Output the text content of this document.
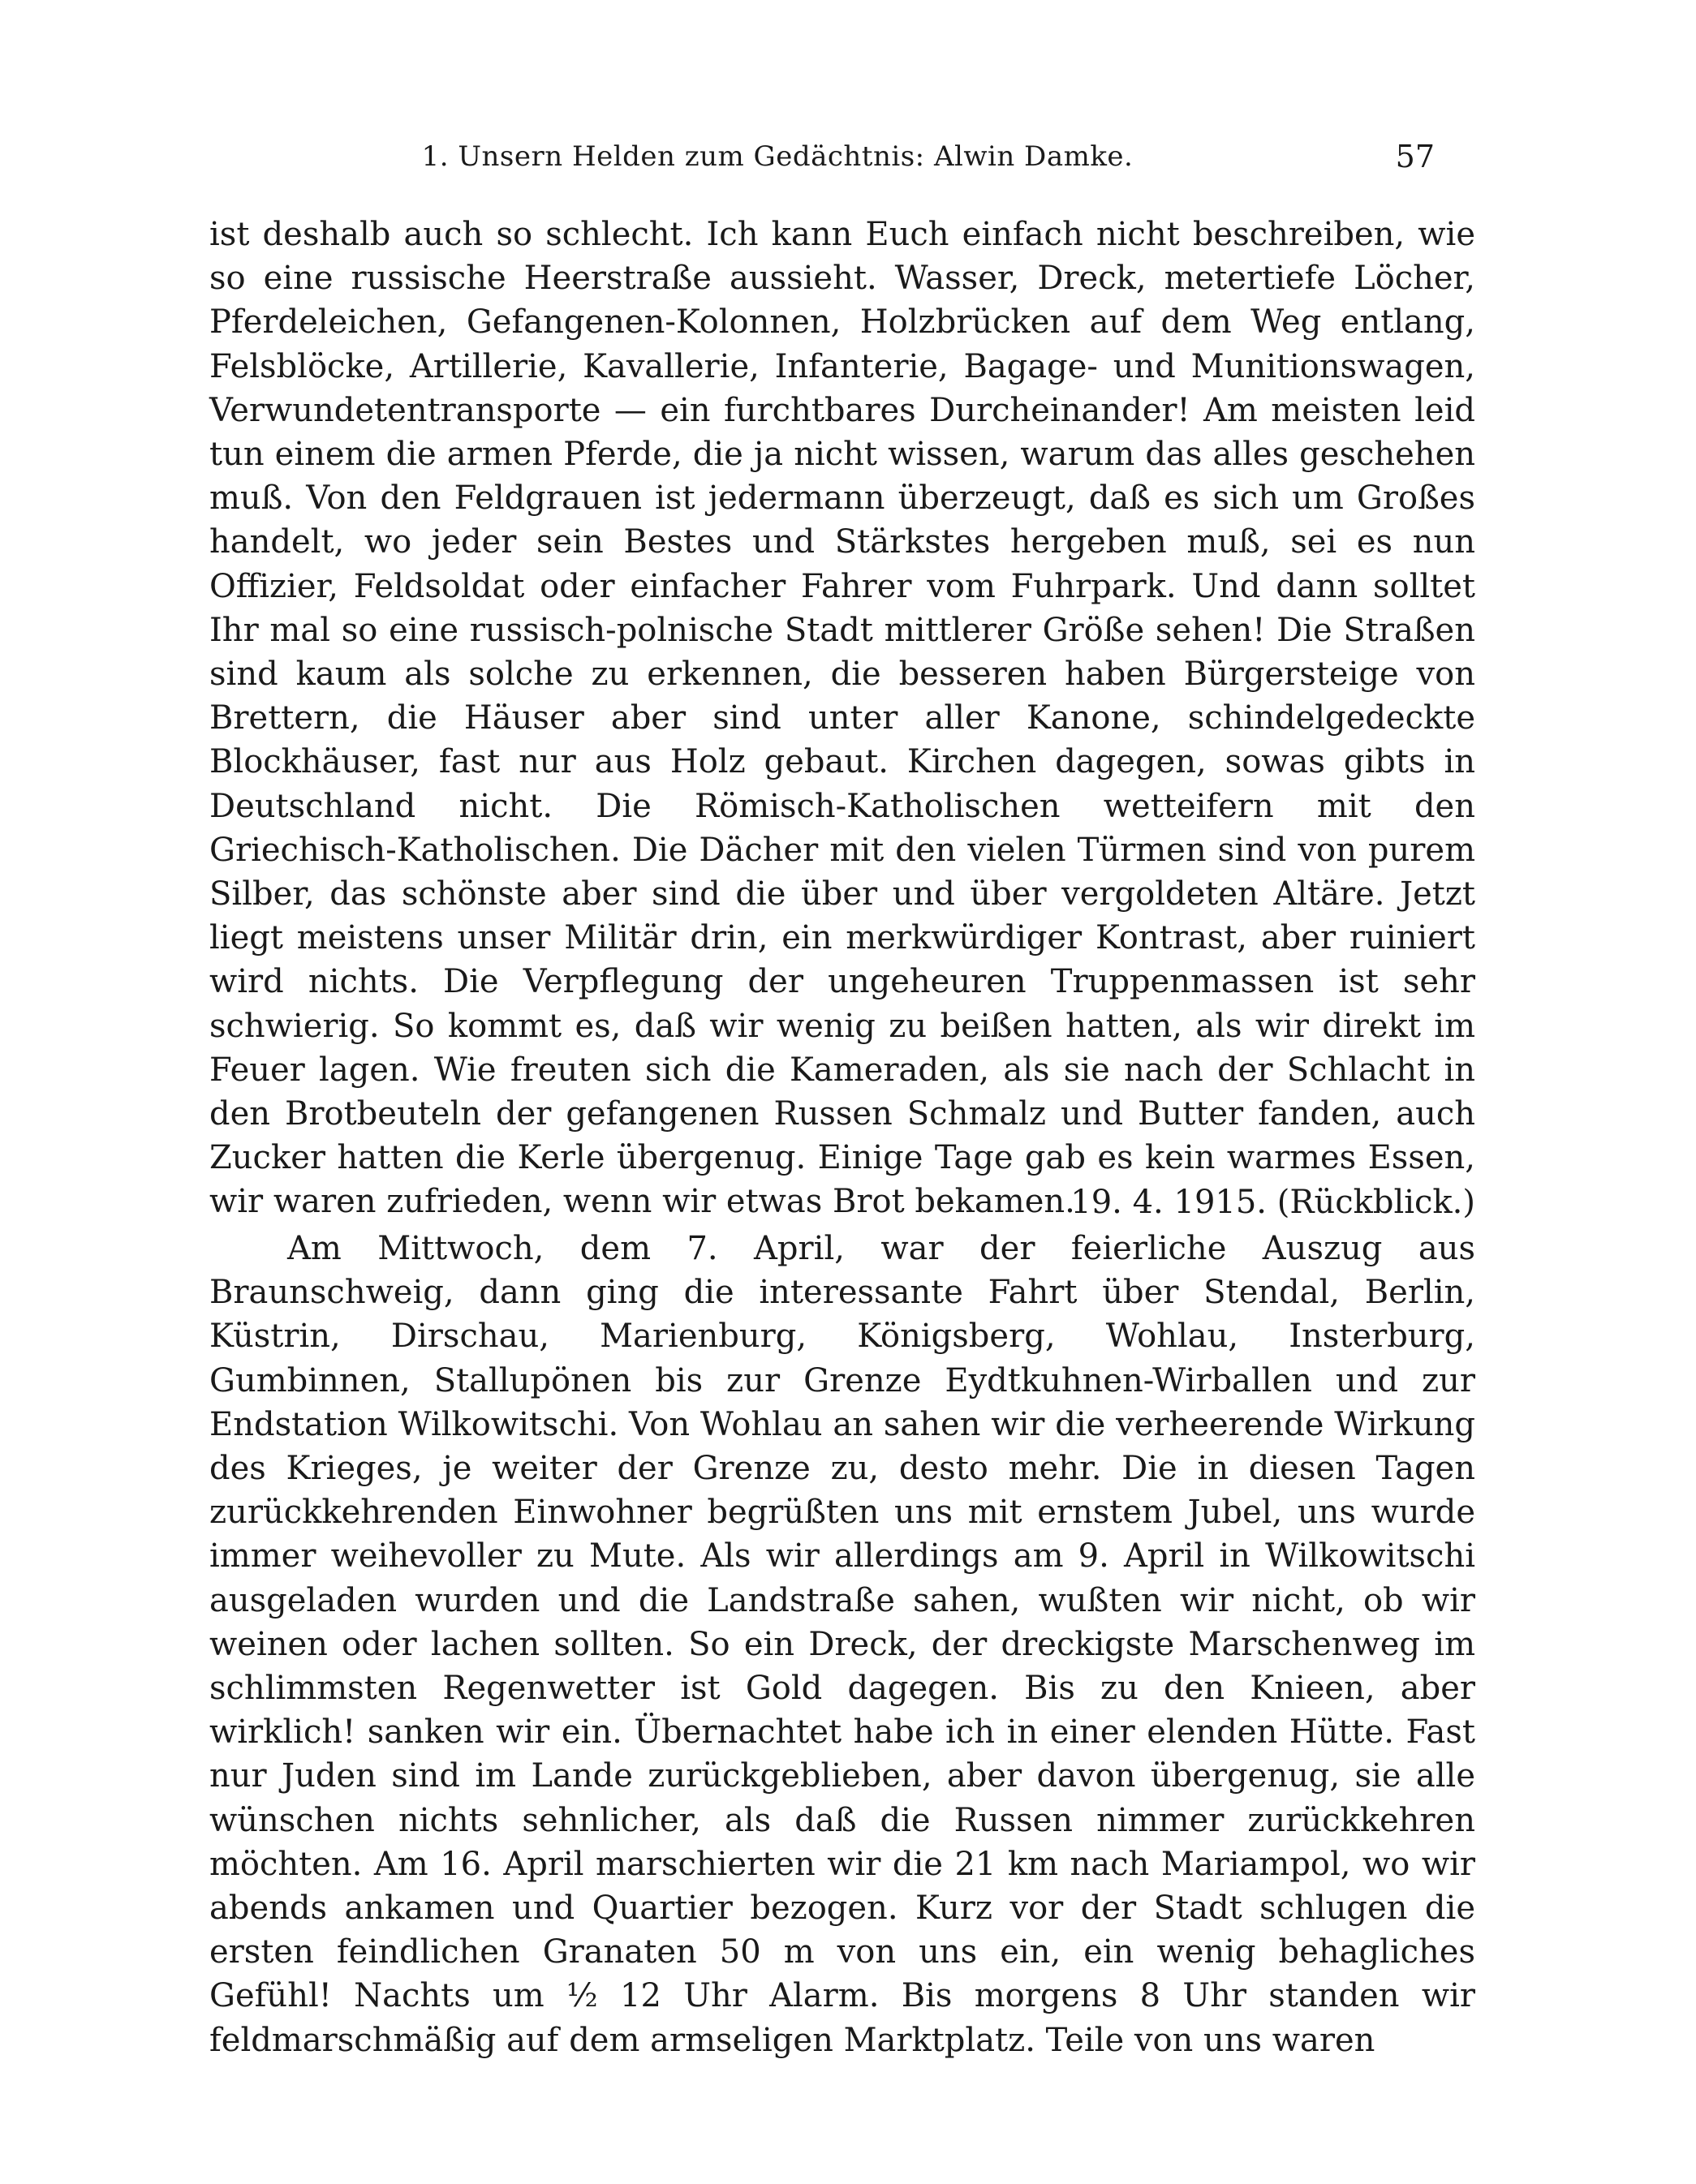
1. Unsern Helden zum Gedächtnis: Alwin Damke.	57

ist deshalb auch so schlecht. Ich kann Euch einfach nicht beschreiben, wie so eine russische Heerstraße aussieht. Wasser, Dreck, metertiefe Löcher, Pferdeleichen, Gefangenen-Kolonnen, Holzbrücken auf dem Weg entlang, Felsblöcke, Artillerie, Kavallerie, Infanterie, Bagage- und Munitionswagen, Verwundetentransporte — ein furchtbares Durcheinander! Am meisten leid tun einem die armen Pferde, die ja nicht wissen, warum das alles geschehen muß. Von den Feldgrauen ist jedermann überzeugt, daß es sich um Großes handelt, wo jeder sein Bestes und Stärkstes hergeben muß, sei es nun Offizier, Feldsoldat oder einfacher Fahrer vom Fuhrpark. Und dann solltet Ihr mal so eine russisch-polnische Stadt mittlerer Größe sehen! Die Straßen sind kaum als solche zu erkennen, die besseren haben Bürgersteige von Brettern, die Häuser aber sind unter aller Kanone, schindelgedeckte Blockhäuser, fast nur aus Holz gebaut. Kirchen dagegen, sowas gibts in Deutschland nicht. Die Römisch-Katholischen wetteifern mit den Griechisch-Katholischen. Die Dächer mit den vielen Türmen sind von purem Silber, das schönste aber sind die über und über vergoldeten Altäre. Jetzt liegt meistens unser Militär drin, ein merkwürdiger Kontrast, aber ruiniert wird nichts. Die Verpflegung der ungeheuren Truppenmassen ist sehr schwierig. So kommt es, daß wir wenig zu beißen hatten, als wir direkt im Feuer lagen. Wie freuten sich die Kameraden, als sie nach der Schlacht in den Brotbeuteln der gefangenen Russen Schmalz und Butter fanden, auch Zucker hatten die Kerle übergenug. Einige Tage gab es kein warmes Essen, wir waren zufrieden, wenn wir etwas Brot bekamen.

19. 4. 1915. (Rückblick.)

Am Mittwoch, dem 7. April, war der feierliche Auszug aus Braunschweig, dann ging die interessante Fahrt über Stendal, Berlin, Küstrin, Dirschau, Marienburg, Königsberg, Wohlau, Insterburg, Gumbinnen, Stallupönen bis zur Grenze Eydtkuhnen-Wirballen und zur Endstation Wilkowitschi. Von Wohlau an sahen wir die verheerende Wirkung des Krieges, je weiter der Grenze zu, desto mehr. Die in diesen Tagen zurückkehrenden Einwohner begrüßten uns mit ernstem Jubel, uns wurde immer weihevoller zu Mute. Als wir allerdings am 9. April in Wilkowitschi ausgeladen wurden und die Landstraße sahen, wußten wir nicht, ob wir weinen oder lachen sollten. So ein Dreck, der dreckigste Marschenweg im schlimmsten Regenwetter ist Gold dagegen. Bis zu den Knieen, aber wirklich! sanken wir ein. Übernachtet habe ich in einer elenden Hütte. Fast nur Juden sind im Lande zurückgeblieben, aber davon übergenug, sie alle wünschen nichts sehnlicher, als daß die Russen nimmer zurückkehren möchten. Am 16. April marschierten wir die 21 km nach Mariampol, wo wir abends ankamen und Quartier bezogen. Kurz vor der Stadt schlugen die ersten feindlichen Granaten 50 m von uns ein, ein wenig behagliches Gefühl! Nachts um ½ 12 Uhr Alarm. Bis morgens 8 Uhr standen wir feldmarschmäßig auf dem armseligen Marktplatz. Teile von uns waren
